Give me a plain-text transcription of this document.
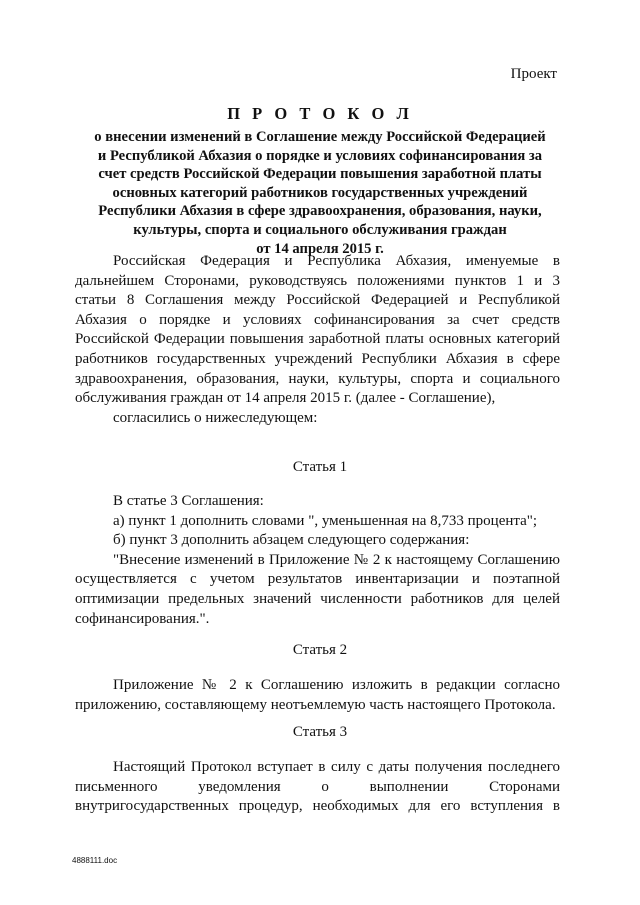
Проект
П Р О Т О К О Л
о внесении изменений в Соглашение между Российской Федерацией
и Республикой Абхазия о порядке и условиях софинансирования за
счет средств Российской Федерации повышения заработной платы
основных категорий работников государственных учреждений
Республики Абхазия в сфере здравоохранения, образования, науки,
культуры, спорта и социального обслуживания граждан
от 14 апреля 2015 г.
Российская Федерация и Республика Абхазия, именуемые в
дальнейшем Сторонами, руководствуясь положениями пунктов 1 и 3
статьи 8 Соглашения между Российской Федерацией и Республикой
Абхазия о порядке и условиях софинансирования за счет средств
Российской Федерации повышения заработной платы основных категорий
работников государственных учреждений Республики Абхазия в сфере
здравоохранения, образования, науки, культуры, спорта и социального
обслуживания граждан от 14 апреля 2015 г. (далее - Соглашение),
согласились о нижеследующем:
Статья 1
В статье 3 Соглашения:
а) пункт 1 дополнить словами ", уменьшенная на 8,733 процента";
б) пункт 3 дополнить абзацем следующего содержания:
"Внесение изменений в Приложение № 2 к настоящему Соглашению
осуществляется с учетом результатов инвентаризации и поэтапной
оптимизации предельных значений численности работников для целей
софинансирования.".
Статья 2
Приложение № 2 к Соглашению изложить в редакции согласно
приложению, составляющему неотъемлемую часть настоящего Протокола.
Статья 3
Настоящий Протокол вступает в силу с даты получения последнего
письменного уведомления о выполнении Сторонами
внутригосударственных процедур, необходимых для его вступления в
4888111.doc
